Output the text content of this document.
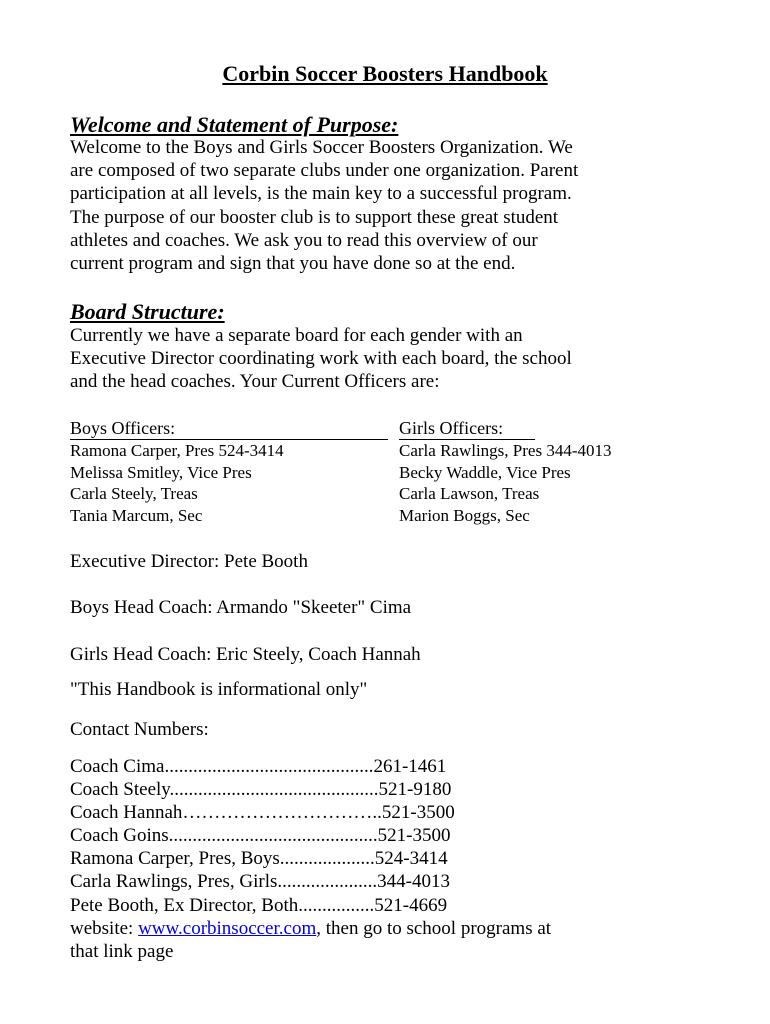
Corbin Soccer Boosters Handbook
Welcome and Statement of Purpose:
Welcome to the Boys and Girls Soccer Boosters Organization. We
are composed of two separate clubs under one organization. Parent
participation at all levels, is the main key to a successful program.
The purpose of our booster club is to support these great student
athletes and coaches. We ask you to read this overview of our
current program and sign that you have done so at the end.
Board Structure:
Currently we have a separate board for each gender with an
Executive Director coordinating work with each board, the school
and the head coaches. Your Current Officers are:
Boys Officers:
Ramona Carper, Pres 524-3414
Melissa Smitley, Vice Pres
Carla Steely, Treas
Tania Marcum, Sec
Girls Officers:
Carla Rawlings, Pres 344-4013
Becky Waddle, Vice Pres
Carla Lawson, Treas
Marion Boggs, Sec
Executive Director: Pete Booth
Boys Head Coach: Armando "Skeeter" Cima
Girls Head Coach: Eric Steely, Coach Hannah
"This Handbook is informational only"
Contact Numbers:
Coach Cima............................................261-1461
Coach Steely............................................521-9180
Coach Hannah…………………………..521-3500
Coach Goins............................................521-3500
Ramona Carper, Pres, Boys....................524-3414
Carla Rawlings, Pres, Girls.....................344-4013
Pete Booth, Ex Director, Both................521-4669
website: www.corbinsoccer.com, then go to school programs at
that link page
